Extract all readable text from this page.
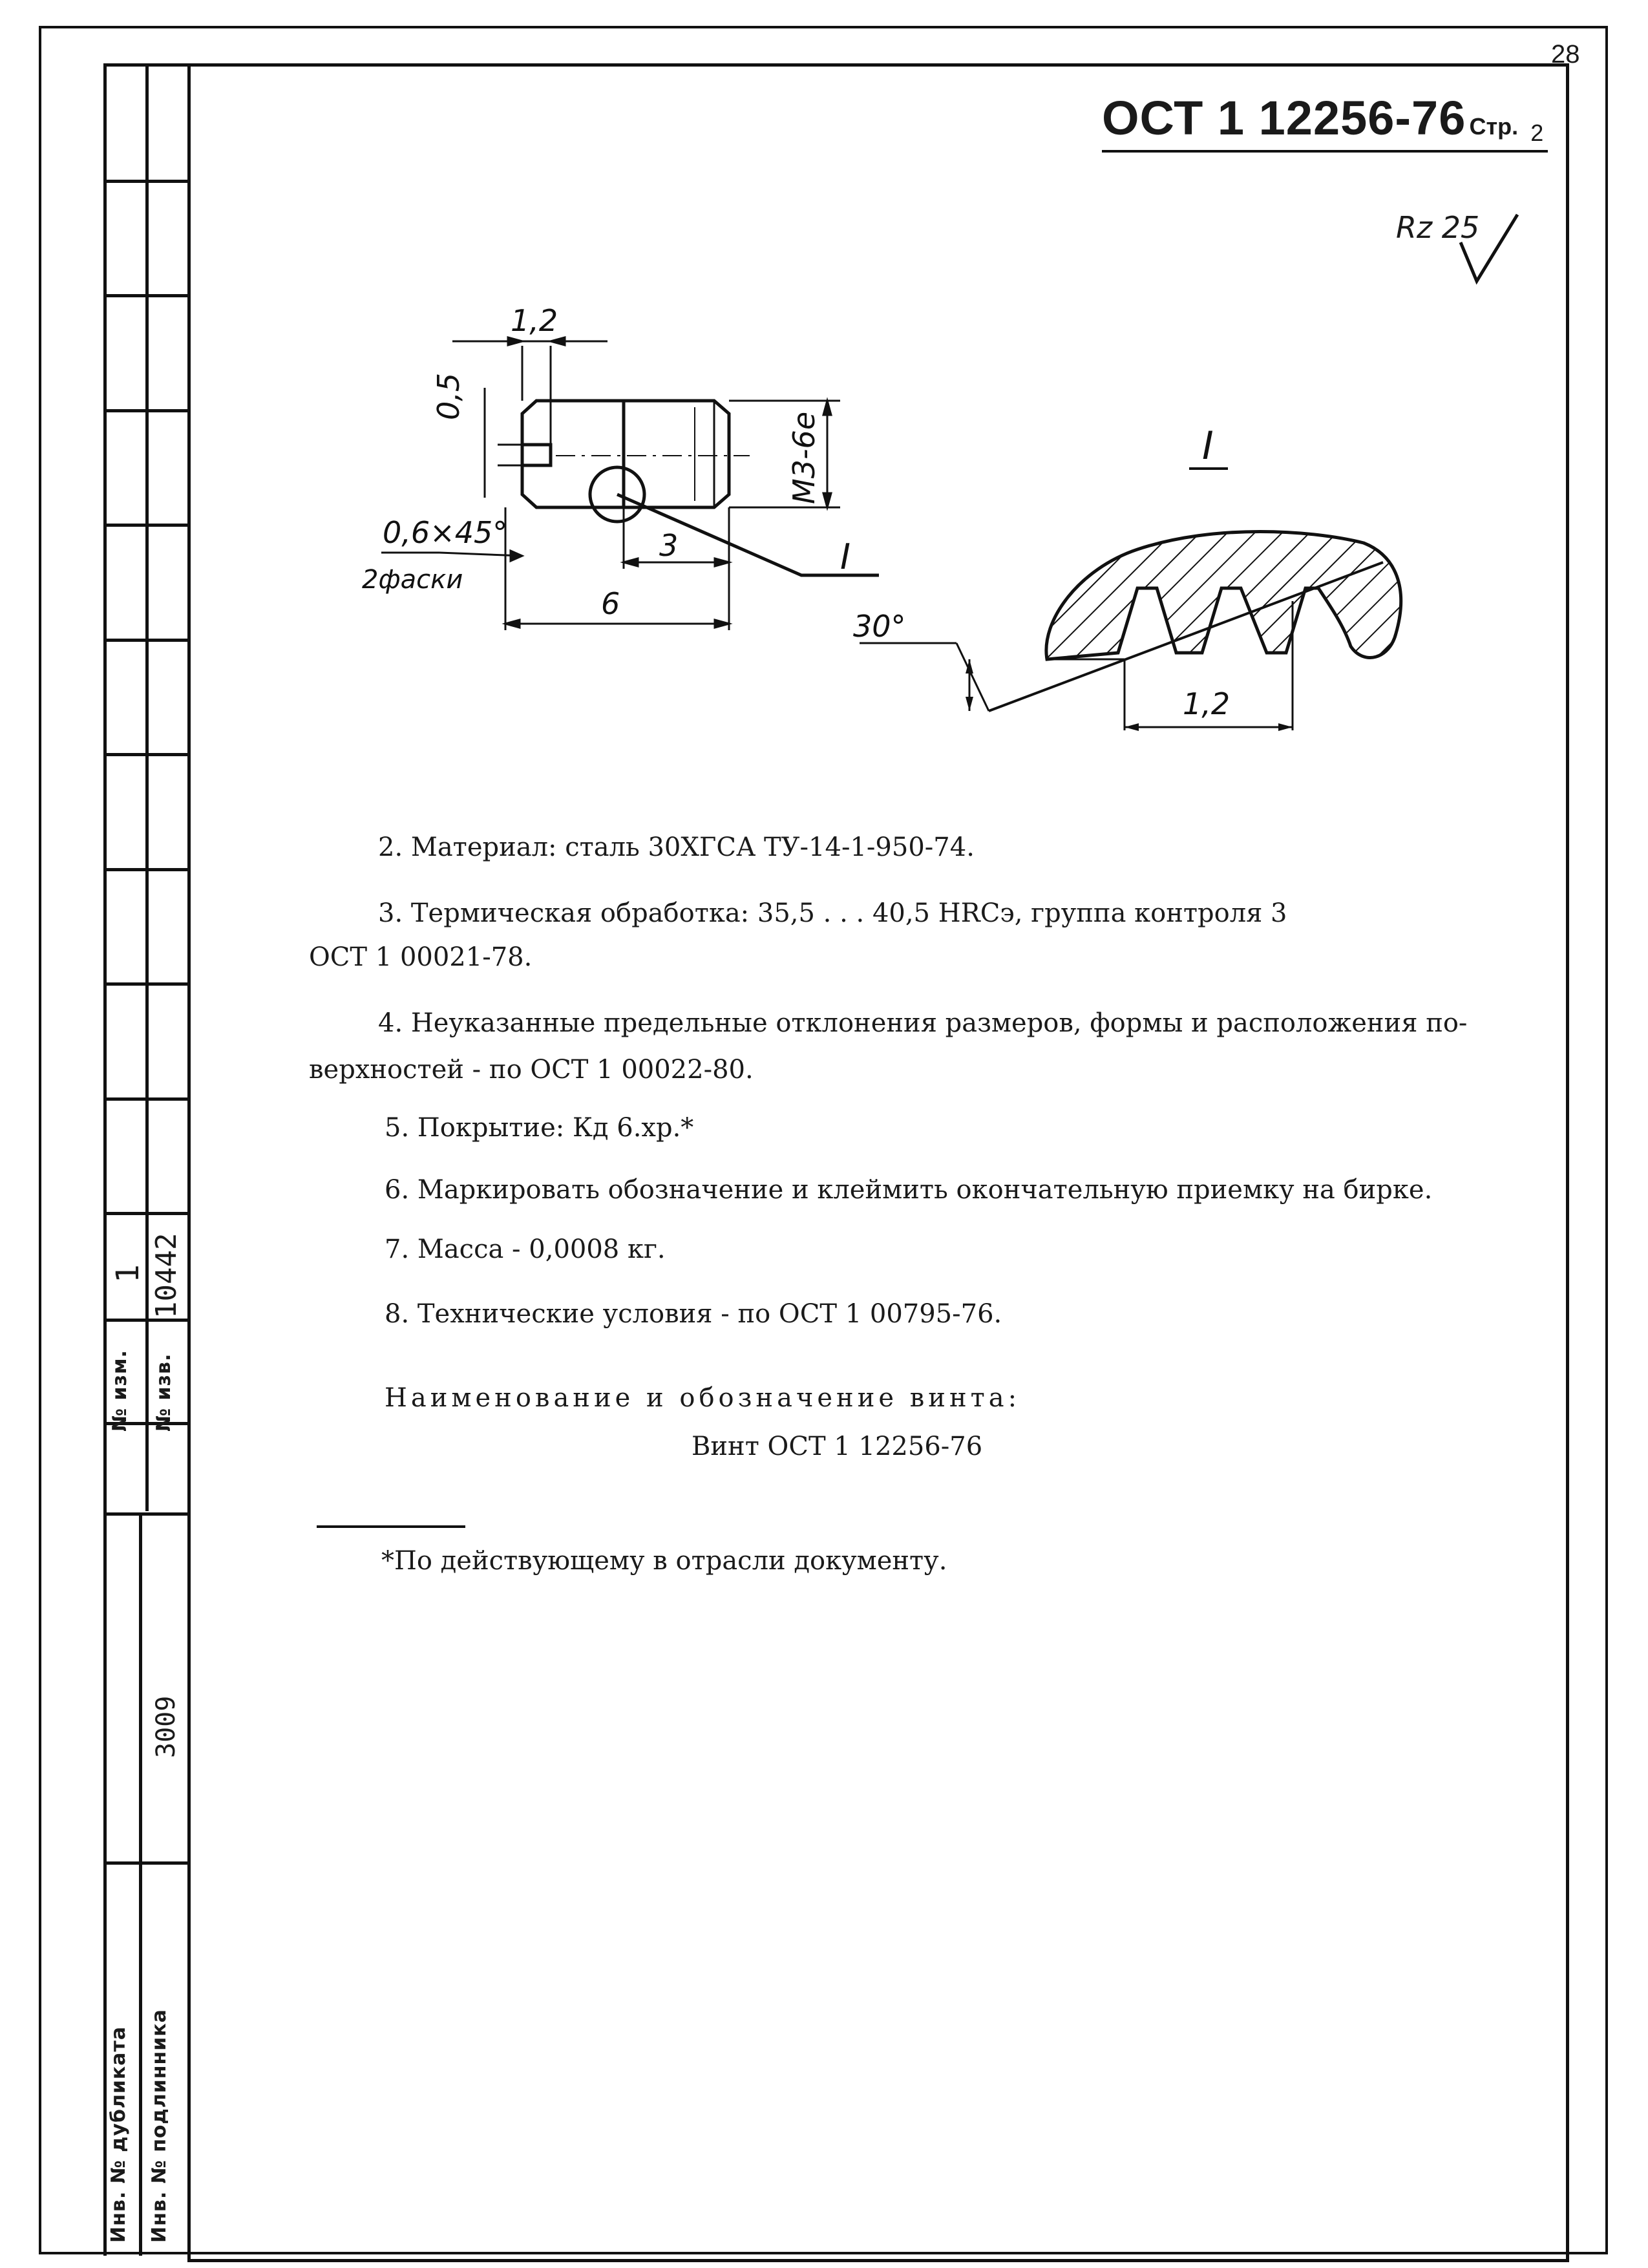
28
ОСТ 1 12256-76 Стр. 2
№ изм.
1
№ изв.
10442
Инв. № дубликата Инв. № подлинника
3009
Rz 25
1,2
0,5
М3-6е
0,6×45°
2фаски
3
6
I
I
30°
1,2
2. Материал: сталь 30ХГСА ТУ-14-1-950-74.
3. Термическая обработка: 35,5 . . . 40,5 HRCэ, группа контроля 3
ОСТ 1 00021-78.
4. Неуказанные предельные отклонения размеров, формы и расположения по-
верхностей - по ОСТ 1 00022-80.
5. Покрытие: Кд 6.хр.*
6. Маркировать обозначение и клеймить окончательную приемку на бирке.
7. Масса - 0,0008 кг.
8. Технические условия - по ОСТ 1 00795-76.
Наименование и обозначение винта:
Винт ОСТ 1 12256-76
*По действующему в отрасли документу.
